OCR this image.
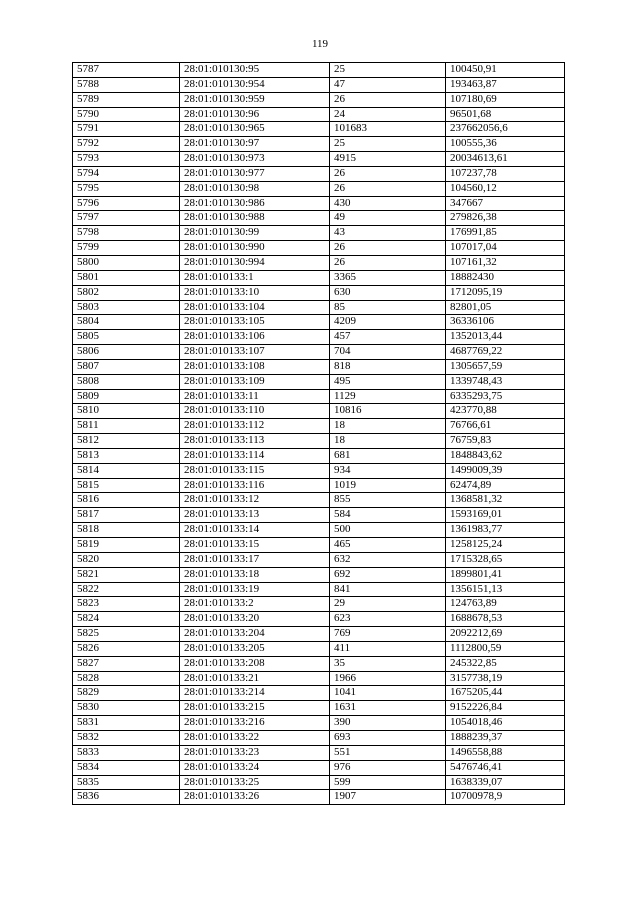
119
5787	28:01:010130:95	25	100450,91
5788	28:01:010130:954	47	193463,87
5789	28:01:010130:959	26	107180,69
5790	28:01:010130:96	24	96501,68
5791	28:01:010130:965	101683	237662056,6
5792	28:01:010130:97	25	100555,36
5793	28:01:010130:973	4915	20034613,61
5794	28:01:010130:977	26	107237,78
5795	28:01:010130:98	26	104560,12
5796	28:01:010130:986	430	347667
5797	28:01:010130:988	49	279826,38
5798	28:01:010130:99	43	176991,85
5799	28:01:010130:990	26	107017,04
5800	28:01:010130:994	26	107161,32
5801	28:01:010133:1	3365	18882430
5802	28:01:010133:10	630	1712095,19
5803	28:01:010133:104	85	82801,05
5804	28:01:010133:105	4209	36336106
5805	28:01:010133:106	457	1352013,44
5806	28:01:010133:107	704	4687769,22
5807	28:01:010133:108	818	1305657,59
5808	28:01:010133:109	495	1339748,43
5809	28:01:010133:11	1129	6335293,75
5810	28:01:010133:110	10816	423770,88
5811	28:01:010133:112	18	76766,61
5812	28:01:010133:113	18	76759,83
5813	28:01:010133:114	681	1848843,62
5814	28:01:010133:115	934	1499009,39
5815	28:01:010133:116	1019	62474,89
5816	28:01:010133:12	855	1368581,32
5817	28:01:010133:13	584	1593169,01
5818	28:01:010133:14	500	1361983,77
5819	28:01:010133:15	465	1258125,24
5820	28:01:010133:17	632	1715328,65
5821	28:01:010133:18	692	1899801,41
5822	28:01:010133:19	841	1356151,13
5823	28:01:010133:2	29	124763,89
5824	28:01:010133:20	623	1688678,53
5825	28:01:010133:204	769	2092212,69
5826	28:01:010133:205	411	1112800,59
5827	28:01:010133:208	35	245322,85
5828	28:01:010133:21	1966	3157738,19
5829	28:01:010133:214	1041	1675205,44
5830	28:01:010133:215	1631	9152226,84
5831	28:01:010133:216	390	1054018,46
5832	28:01:010133:22	693	1888239,37
5833	28:01:010133:23	551	1496558,88
5834	28:01:010133:24	976	5476746,41
5835	28:01:010133:25	599	1638339,07
5836	28:01:010133:26	1907	10700978,9
